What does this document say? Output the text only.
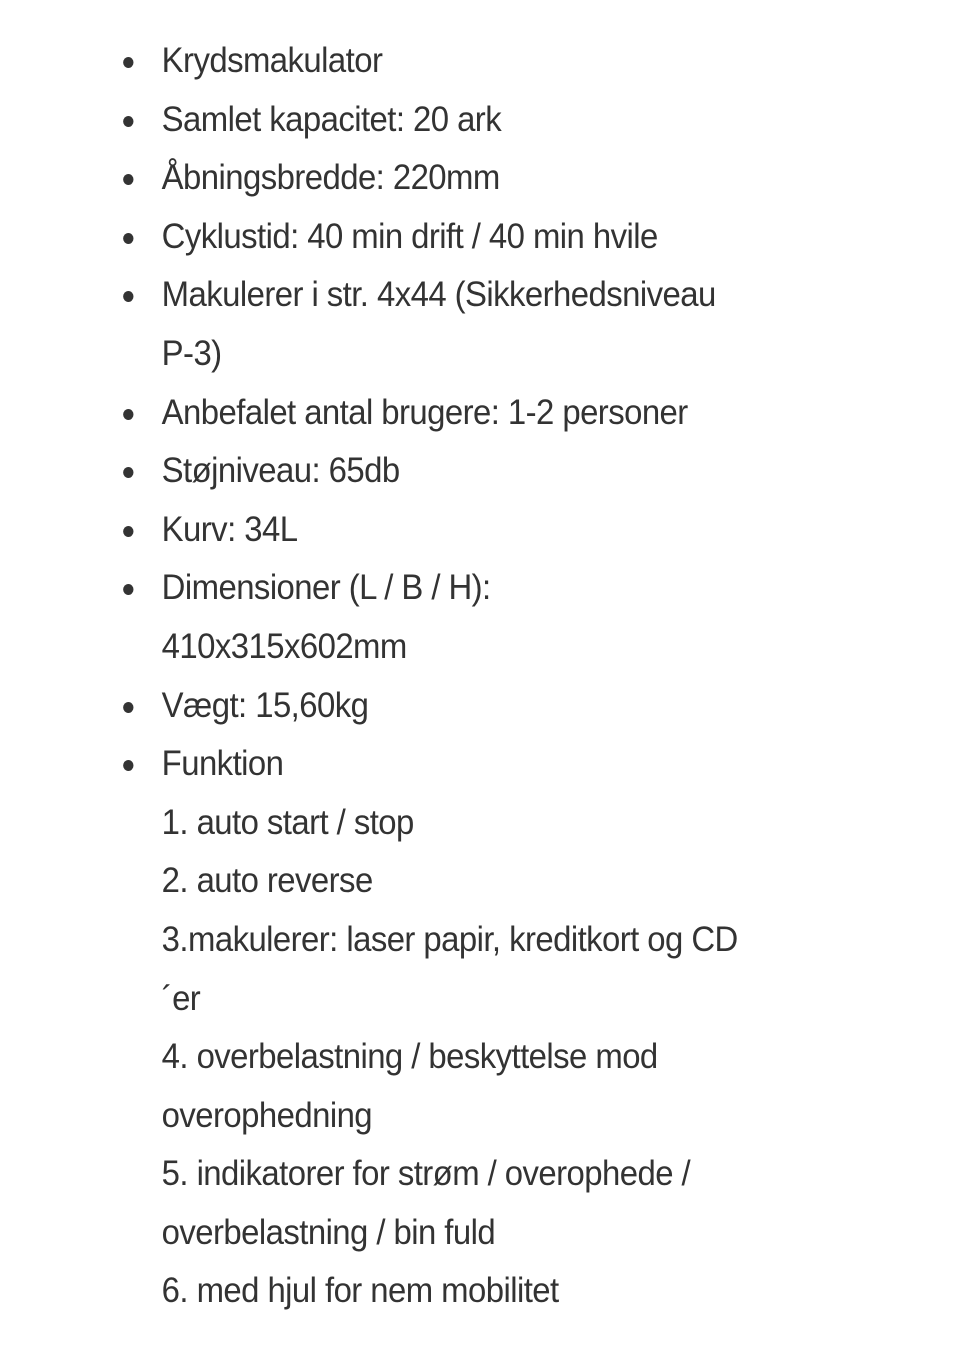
Krydsmakulator
Samlet kapacitet: 20 ark
Åbningsbredde: 220mm
Cyklustid: 40 min drift / 40 min hvile
Makulerer i str. 4x44 (Sikkerhedsniveau
P-3)
Anbefalet antal brugere: 1-2 personer
Støjniveau: 65db
Kurv: 34L
Dimensioner (L / B / H):
410x315x602mm
Vægt: 15,60kg
Funktion
1. auto start / stop
2. auto reverse
3.makulerer: laser papir, kreditkort og CD
´er
4. overbelastning / beskyttelse mod
overophedning
5. indikatorer for strøm / overophede /
overbelastning / bin fuld
6. med hjul for nem mobilitet
